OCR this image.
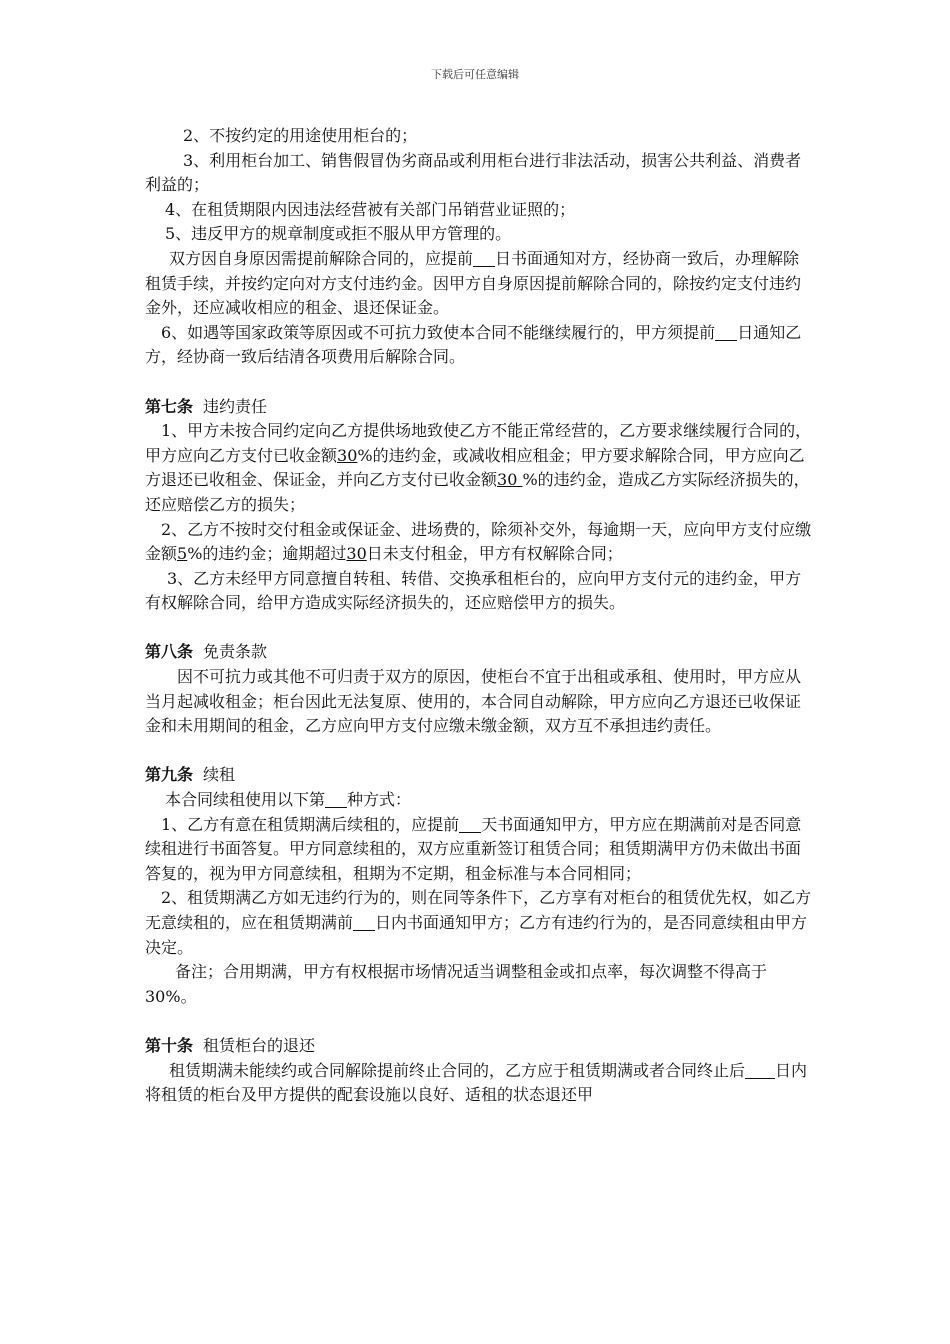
下载后可任意编辑

2、不按约定的用途使用柜台的；

3、利用柜台加工、销售假冒伪劣商品或利用柜台进行非法活动，损害公共利益、消费者利益的；

4、在租赁期限内因违法经营被有关部门吊销营业证照的；

5、违反甲方的规章制度或拒不服从甲方管理的。

双方因自身原因需提前解除合同的，应提前 日书面通知对方，经协商一致后，办理解除租赁手续，并按约定向对方支付违约金。因甲方自身原因提前解除合同的，除按约定支付违约金外，还应减收相应的租金、退还保证金。

6、如遇等国家政策等原因或不可抗力致使本合同不能继续履行的，甲方须提前 日通知乙方，经协商一致后结清各项费用后解除合同。

第七条 违约责任

1、甲方未按合同约定向乙方提供场地致使乙方不能正常经营的，乙方要求继续履行合同的，甲方应向乙方支付已收金额30%的违约金，或减收相应租金；甲方要求解除合同，甲方应向乙方退还已收租金、保证金，并向乙方支付已收金额30 %的违约金，造成乙方实际经济损失的，还应赔偿乙方的损失；

2、乙方不按时交付租金或保证金、进场费的，除须补交外，每逾期一天，应向甲方支付应缴金额5%的违约金；逾期超过30日未支付租金，甲方有权解除合同；

3、乙方未经甲方同意擅自转租、转借、交换承租柜台的，应向甲方支付元的违约金，甲方有权解除合同，给甲方造成实际经济损失的，还应赔偿甲方的损失。

第八条 免责条款

因不可抗力或其他不可归责于双方的原因，使柜台不宜于出租或承租、使用时，甲方应从当月起减收租金；柜台因此无法复原、使用的，本合同自动解除，甲方应向乙方退还已收保证金和未用期间的租金，乙方应向甲方支付应缴未缴金额，双方互不承担违约责任。

第九条 续租

本合同续租使用以下第 种方式：

1、乙方有意在租赁期满后续租的，应提前 天书面通知甲方，甲方应在期满前对是否同意续租进行书面答复。甲方同意续租的，双方应重新签订租赁合同；租赁期满甲方仍未做出书面答复的，视为甲方同意续租，租期为不定期，租金标准与本合同相同；

2、租赁期满乙方如无违约行为的，则在同等条件下，乙方享有对柜台的租赁优先权，如乙方无意续租的，应在租赁期满前 日内书面通知甲方；乙方有违约行为的，是否同意续租由甲方决定。

备注；合用期满，甲方有权根据市场情况适当调整租金或扣点率，每次调整不得高于30%。

第十条 租赁柜台的退还

租赁期满未能续约或合同解除提前终止合同的，乙方应于租赁期满或者合同终止后 日内将租赁的柜台及甲方提供的配套设施以良好、适租的状态退还甲
